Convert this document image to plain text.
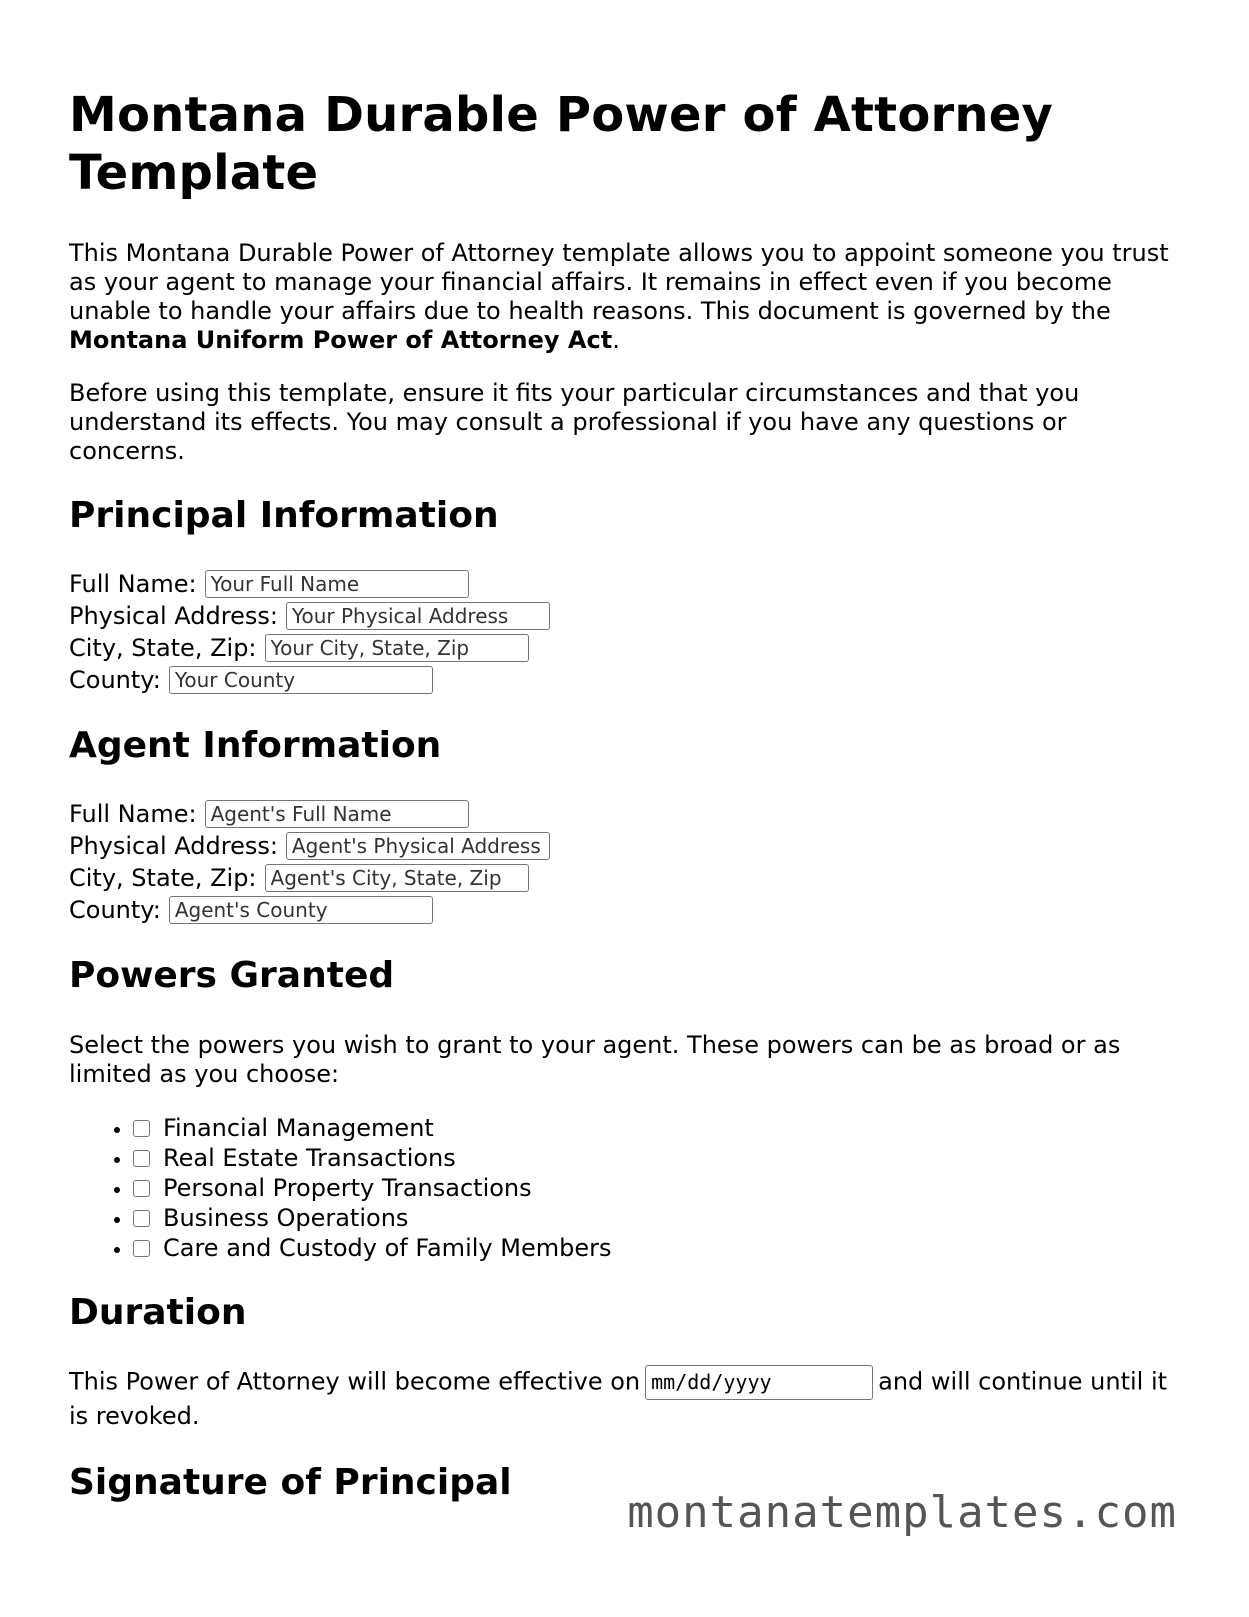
Montana Durable Power of Attorney Template

This Montana Durable Power of Attorney template allows you to appoint someone you trust as your agent to manage your financial affairs. It remains in effect even if you become unable to handle your affairs due to health reasons. This document is governed by the Montana Uniform Power of Attorney Act.

Before using this template, ensure it fits your particular circumstances and that you understand its effects. You may consult a professional if you have any questions or concerns.

Principal Information
Full Name:
Your Full Name
Physical Address:
Your Physical Address
City, State, Zip:
Your City, State, Zip
County:
Your County
Agent Information
Full Name:
Agent's Full Name
Physical Address:
Agent's Physical Address
City, State, Zip:
Agent's City, State, Zip
County:
Agent's County
Powers Granted

Select the powers you wish to grant to your agent. These powers can be as broad or as limited as you choose:

• Financial Management
• Real Estate Transactions
• Personal Property Transactions
• Business Operations
• Care and Custody of Family Members
Duration
This Power of Attorney will become effective on mm/dd/yyyy	and will continue until it is revoked.
Signature of Principal
montanatemplates.com
